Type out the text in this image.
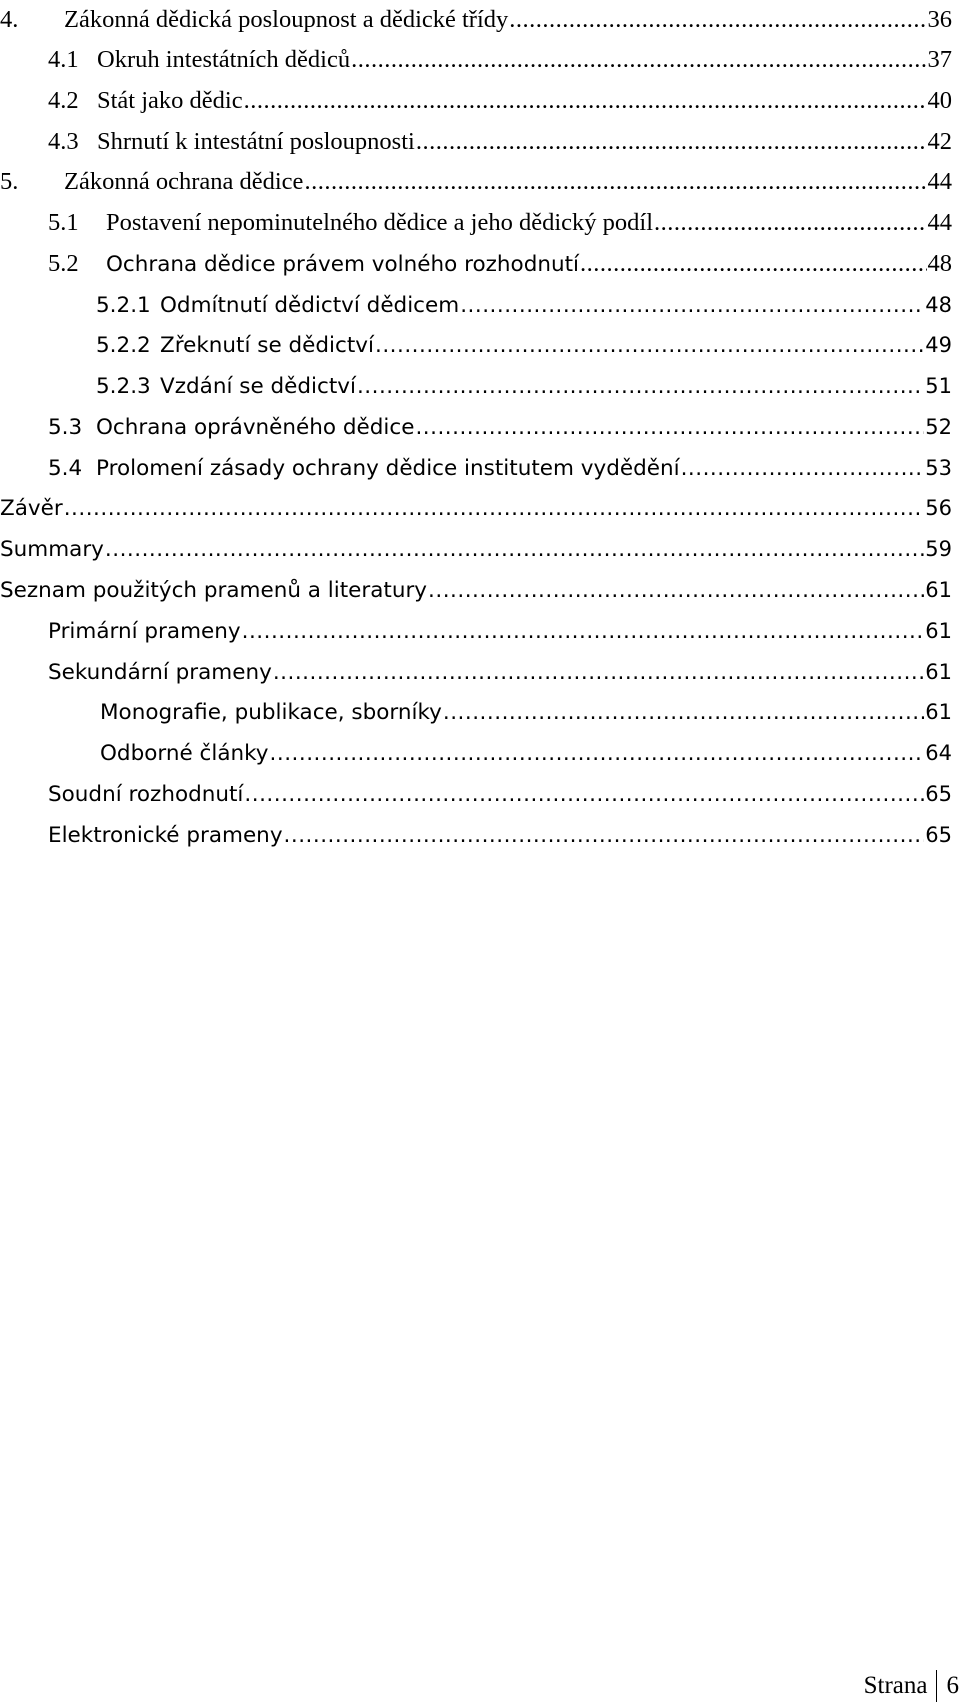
4.	Zákonná dědická posloupnost a dědické třídy .....	36
4.1 Okruh intestátních dědiců .....	37
4.2 Stát jako dědic .....	40
4.3 Shrnutí k intestátní posloupnosti .....	42
5.	Zákonná ochrana dědice .....	44
5.1	Postavení nepominutelného dědice a jeho dědický podíl .....	44
5.2	Ochrana dědice právem volného rozhodnutí .....	48
5.2.1 Odmítnutí dědictví dědicem .....	48
5.2.2 Zřeknutí se dědictví .....	49
5.2.3 Vzdání se dědictví .....	51
5.3 Ochrana oprávněného dědice .....	52
5.4 Prolomení zásady ochrany dědice institutem vydědění .....	53
Závěr .....	56
Summary .....	59
Seznam použitých pramenů a literatury .....	61
Primární prameny .....	61
Sekundární prameny .....	61
Monografie, publikace, sborníky .....	61
Odborné články .....	64
Soudní rozhodnutí .....	65
Elektronické prameny .....	65
Strana 6
